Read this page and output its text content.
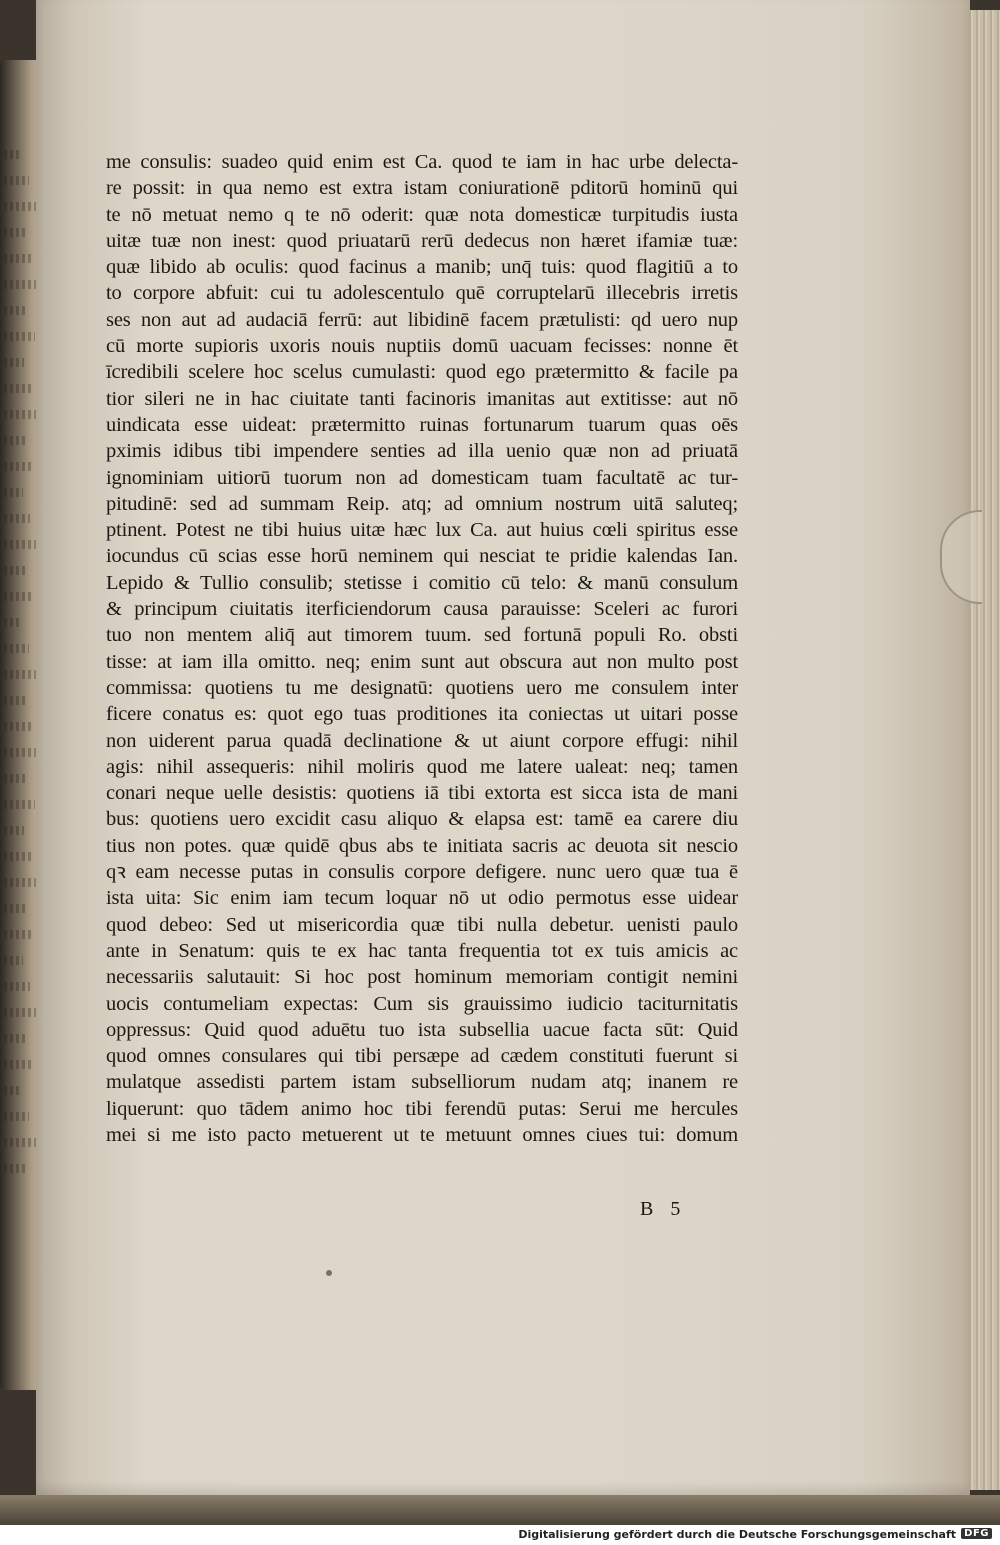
me consulis: suadeo quid enim est Ca. quod te iam in hac urbe delecta-
re possit: in qua nemo est extra istam coniurationē pditorū hominū qui
te nō metuat nemo q te nō oderit: quæ nota domesticæ turpitudis iusta
uitæ tuæ non inest: quod priuatarū rerū dedecus non hæret ifamiæ tuæ:
quæ libido ab oculis: quod facinus a manib; unq̄ tuis: quod flagitiū a to
to corpore abfuit: cui tu adolescentulo quē corruptelarū illecebris irretis
ses non aut ad audaciā ferrū: aut libidinē facem prætulisti: qd uero nup
cū morte supioris uxoris nouis nuptiis domū uacuam fecisses: nonne ēt
īcredibili scelere hoc scelus cumulasti: quod ego prætermitto & facile pa
tior sileri ne in hac ciuitate tanti facinoris imanitas aut extitisse: aut nō
uindicata esse uideat: prætermitto ruinas fortunarum tuarum quas oēs
pximis idibus tibi impendere senties ad illa uenio quæ non ad priuatā
ignominiam uitiorū tuorum non ad domesticam tuam facultatē ac tur-
pitudinē: sed ad summam Reip. atq; ad omnium nostrum uitā saluteq;
ptinent. Potest ne tibi huius uitæ hæc lux Ca. aut huius cœli spiritus esse
iocundus cū scias esse horū neminem qui nesciat te pridie kalendas Ian.
Lepido & Tullio consulib; stetisse i comitio cū telo: & manū consulum
& principum ciuitatis iterficiendorum causa parauisse: Sceleri ac furori
tuo non mentem aliq̄ aut timorem tuum. sed fortunā populi Ro. obsti
tisse: at iam illa omitto. neq; enim sunt aut obscura aut non multo post
commissa: quotiens tu me designatū: quotiens uero me consulem inter
ficere conatus es: quot ego tuas proditiones ita coniectas ut uitari posse
non uiderent parua quadā declinatione & ut aiunt corpore effugi: nihil
agis: nihil assequeris: nihil moliris quod me latere ualeat: neq; tamen
conari neque uelle desistis: quotiens iā tibi extorta est sicca ista de mani
bus: quotiens uero excidit casu aliquo & elapsa est: tamē ea carere diu
tius non potes. quæ quidē qbus abs te initiata sacris ac deuota sit nescio
qꝛ eam necesse putas in consulis corpore defigere. nunc uero quæ tua ē
ista uita: Sic enim iam tecum loquar nō ut odio permotus esse uidear
quod debeo: Sed ut misericordia quæ tibi nulla debetur. uenisti paulo
ante in Senatum: quis te ex hac tanta frequentia tot ex tuis amicis ac
necessariis salutauit: Si hoc post hominum memoriam contigit nemini
uocis contumeliam expectas: Cum sis grauissimo iudicio taciturnitatis
oppressus: Quid quod aduētu tuo ista subsellia uacue facta sūt: Quid
quod omnes consulares qui tibi persæpe ad cædem constituti fuerunt si
mulatque assedisti partem istam subselliorum nudam atq; inanem re
liquerunt: quo tādem animo hoc tibi ferendū putas: Serui me hercules
mei si me isto pacto metuerent ut te metuunt omnes ciues tui: domum
B 5
Digitalisierung gefördert durch die Deutsche Forschungsgemeinschaft DFG
